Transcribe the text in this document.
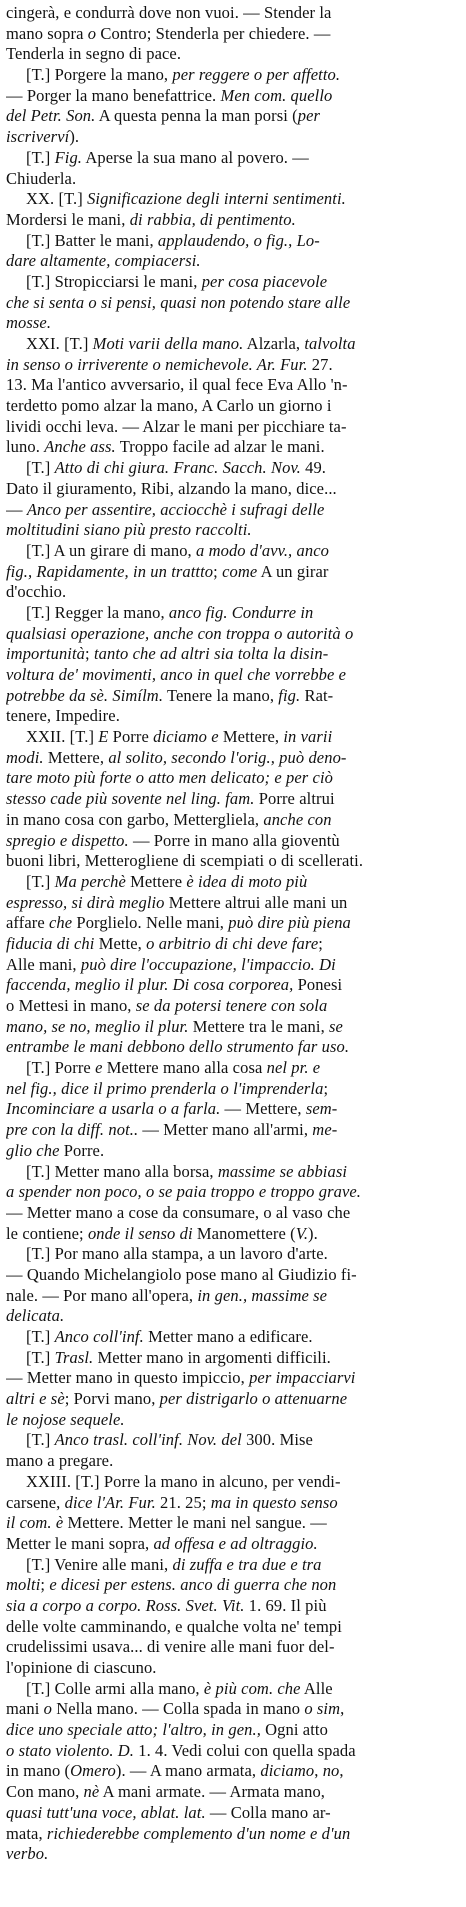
cingerà, e condurrà dove non vuoi. — Stender la
mano sopra o Contro; Stenderla per chiedere. —
Tenderla in segno di pace.
[T.] Porgere la mano, per reggere o per affetto.
— Porger la mano benefattrice. Men com. quello
del Petr. Son. A questa penna la man porsi (per
iscriverví).
[T.] Fig. Aperse la sua mano al povero. —
Chiuderla.
XX. [T.] Significazione degli interni sentimenti.
Mordersi le mani, di rabbia, di pentimento.
[T.] Batter le mani, applaudendo, o fig., Lo-
dare altamente, compiacersi.
[T.] Stropicciarsi le mani, per cosa piacevole
che si senta o si pensi, quasi non potendo stare alle
mosse.
XXI. [T.] Moti varii della mano. Alzarla, talvolta
in senso o irriverente o nemichevole. Ar. Fur. 27.
13. Ma l'antico avversario, il qual fece Eva Allo 'n-
terdetto pomo alzar la mano, A Carlo un giorno i
lividi occhi leva. — Alzar le mani per picchiare ta-
luno. Anche ass. Troppo facile ad alzar le mani.
[T.] Atto di chi giura. Franc. Sacch. Nov. 49.
Dato il giuramento, Ribi, alzando la mano, dice...
— Anco per assentire, acciocchè i sufragi delle
moltitudini siano più presto raccolti.
[T.] A un girare di mano, a modo d'avv., anco
fig., Rapidamente, in un trattto; come A un girar
d'occhio.
[T.] Regger la mano, anco fig. Condurre in
qualsiasi operazione, anche con troppa o autorità o
importunità; tanto che ad altri sia tolta la disin-
voltura de' movimenti, anco in quel che vorrebbe e
potrebbe da sè. Simílm. Tenere la mano, fig. Rat-
tenere, Impedire.
XXII. [T.] E Porre diciamo e Mettere, in varii
modi. Mettere, al solito, secondo l'orig., può deno-
tare moto più forte o atto men delicato; e per ciò
stesso cade più sovente nel ling. fam. Porre altrui
in mano cosa con garbo, Mettergliela, anche con
spregio e dispetto. — Porre in mano alla gioventù
buoni libri, Metterogliene di scempiati o di scellerati.
[T.] Ma perchè Mettere è idea di moto più
espresso, si dirà meglio Mettere altrui alle mani un
affare che Porglielo. Nelle mani, può dire più piena
fiducia di chi Mette, o arbitrio di chi deve fare;
Alle mani, può dire l'occupazione, l'impaccio. Di
faccenda, meglio il plur. Di cosa corporea, Ponesi
o Mettesi in mano, se da potersi tenere con sola
mano, se no, meglio il plur. Mettere tra le mani, se
entrambe le mani debbono dello strumento far uso.
[T.] Porre e Mettere mano alla cosa nel pr. e
nel fig., dice il primo prenderla o l'imprenderla;
Incominciare a usarla o a farla. — Mettere, sem-
pre con la diff. not.. — Metter mano all'armi, me-
glio che Porre.
[T.] Metter mano alla borsa, massime se abbiasi
a spender non poco, o se paia troppo e troppo grave.
— Metter mano a cose da consumare, o al vaso che
le contiene; onde il senso di Manomettere (V.).
[T.] Por mano alla stampa, a un lavoro d'arte.
— Quando Michelangiolo pose mano al Giudizio fi-
nale. — Por mano all'opera, in gen., massime se
delicata.
[T.] Anco coll'inf. Metter mano a edificare.
[T.] Trasl. Metter mano in argomenti difficili.
— Metter mano in questo impiccio, per impacciarvi
altri e sè; Porvi mano, per distrigarlo o attenuarne
le nojose sequele.
[T.] Anco trasl. coll'inf. Nov. del 300. Mise
mano a pregare.
XXIII. [T.] Porre la mano in alcuno, per vendi-
carsene, dice l'Ar. Fur. 21. 25; ma in questo senso
il com. è Mettere. Metter le mani nel sangue. —
Metter le mani sopra, ad offesa e ad oltraggio.
[T.] Venire alle mani, di zuffa e tra due e tra
molti; e dicesi per estens. anco di guerra che non
sia a corpo a corpo. Ross. Svet. Vit. 1. 69. Il più
delle volte camminando, e qualche volta ne' tempi
crudelissimi usava... di venire alle mani fuor del-
l'opinione di ciascuno.
[T.] Colle armi alla mano, è più com. che Alle
mani o Nella mano. — Colla spada in mano o sim,
dice uno speciale atto; l'altro, in gen., Ogni atto
o stato violento. D. 1. 4. Vedi colui con quella spada
in mano (Omero). — A mano armata, diciamo, no,
Con mano, nè A mani armate. — Armata mano,
quasi tutt'una voce, ablat. lat. — Colla mano ar-
mata, richiederebbe complemento d'un nome e d'un
verbo.
